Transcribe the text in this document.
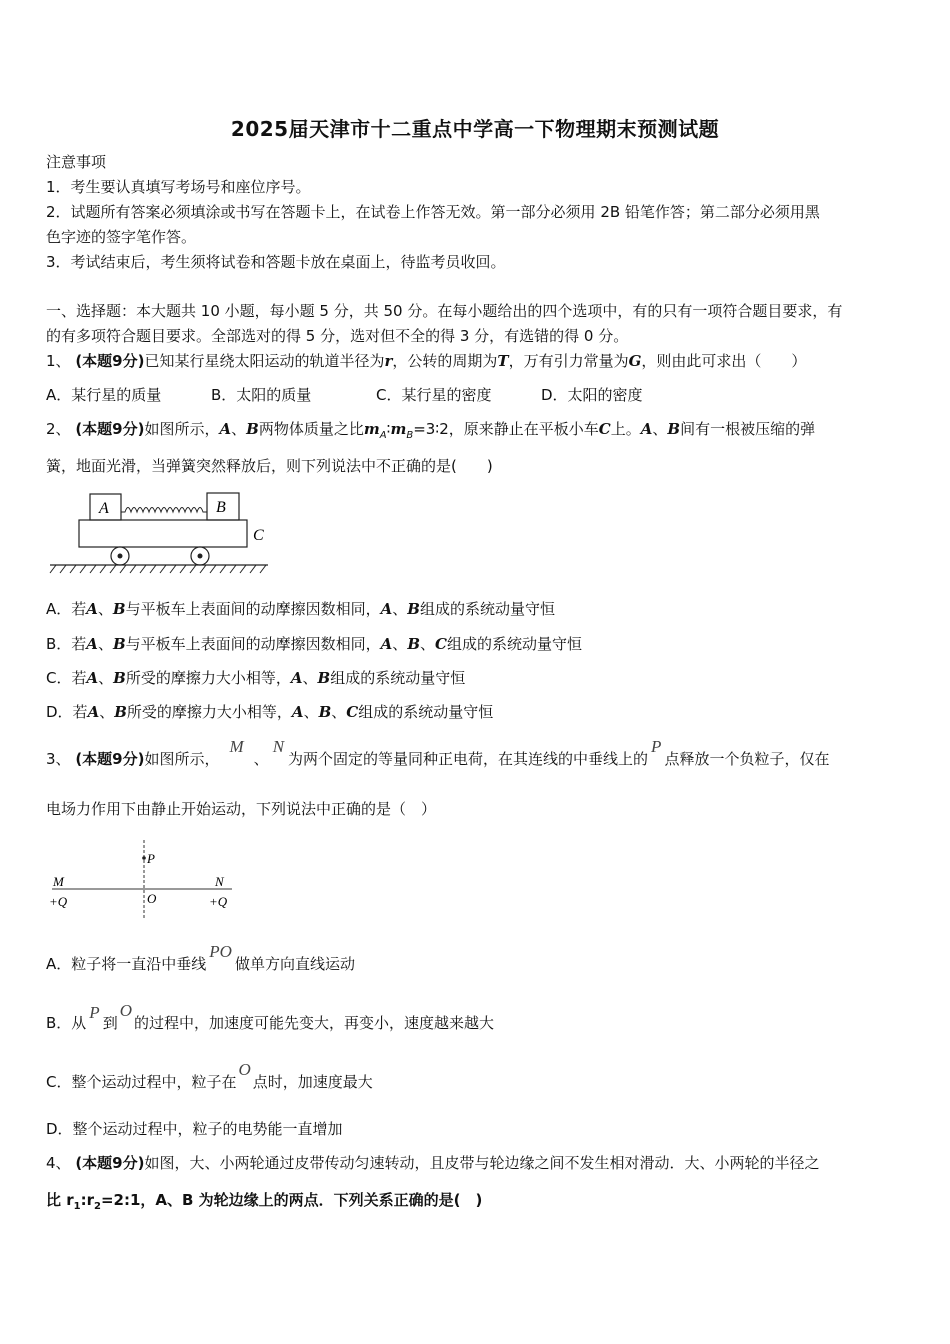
2025届天津市十二重点中学高一下物理期末预测试题
注意事项
1．考生要认真填写考场号和座位序号。
2．试题所有答案必须填涂或书写在答题卡上，在试卷上作答无效。第一部分必须用 2B 铅笔作答；第二部分必须用黑
色字迹的签字笔作答。
3．考试结束后，考生须将试卷和答题卡放在桌面上，待监考员收回。
一、选择题：本大题共 10 小题，每小题 5 分，共 50 分。在每小题给出的四个选项中，有的只有一项符合题目要求，有
的有多项符合题目要求。全部选对的得 5 分，选对但不全的得 3 分，有选错的得 0 分。
1、 (本题9分)已知某行星绕太阳运动的轨道半径为r，公转的周期为T，万有引力常量为G，则由此可求出（　　）
A．某行星的质量	B．太阳的质量	C．某行星的密度	D．太阳的密度
2、 (本题9分)如图所示，A、B两物体质量之比$m_A∶m_B=3∶2$，原来静止在平板小车C上。A、B间有一根被压缩的弹
簧，地面光滑，当弹簧突然释放后，则下列说法中不正确的是(　　)
A	B
C
A．若A、B与平板车上表面间的动摩擦因数相同，A、B组成的系统动量守恒
B．若A、B与平板车上表面间的动摩擦因数相同，A、B、C组成的系统动量守恒
C．若A、B所受的摩擦力大小相等，A、B组成的系统动量守恒
D．若A、B所受的摩擦力大小相等，A、B、C组成的系统动量守恒
3、 (本题9分)如图所示，M、N为两个固定的等量同种正电荷，在其连线的中垂线上的P点释放一个负粒子，仅在
电场力作用下由静止开始运动，下列说法中正确的是（　）
P
O
M
+Q
N
+Q
A．粒子将一直沿中垂线PO做单方向直线运动
B．从P到O的过程中，加速度可能先变大，再变小，速度越来越大
C．整个运动过程中，粒子在O点时，加速度最大
D．整个运动过程中，粒子的电势能一直增加
4、 (本题9分)如图，大、小两轮通过皮带传动匀速转动，且皮带与轮边缘之间不发生相对滑动．大、小两轮的半径之
比 $r_1:r_2=2:1$，A、B 为轮边缘上的两点．下列关系正确的是(　)
